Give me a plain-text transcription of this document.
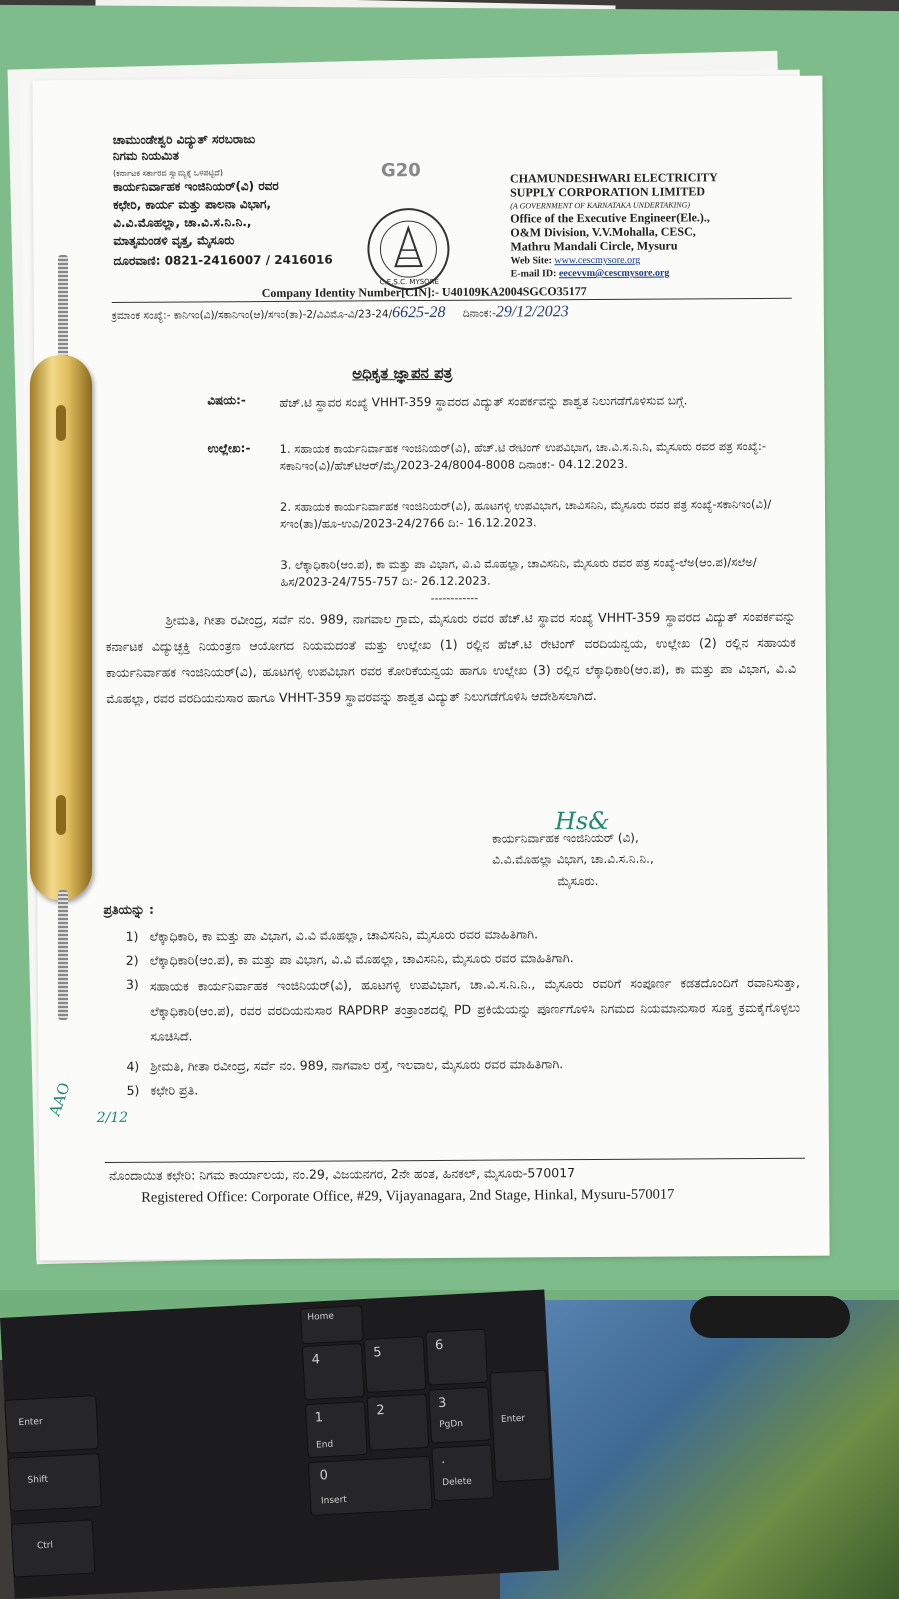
ಚಾಮುಂಡೇಶ್ವರಿ ವಿದ್ಯುತ್ ಸರಬರಾಜು
ನಿಗಮ ನಿಯಮಿತ
(ಕರ್ನಾಟಕ ಸರ್ಕಾರದ ಸ್ವಾಮ್ಯಕ್ಕೆ ಒಳಪಟ್ಟಿದೆ)
ಕಾರ್ಯನಿರ್ವಾಹಕ ಇಂಜಿನಿಯರ್(ವಿ) ರವರ
ಕಛೇರಿ, ಕಾರ್ಯ ಮತ್ತು ಪಾಲನಾ ವಿಭಾಗ,
ವಿ.ವಿ.ಮೊಹಲ್ಲಾ, ಚಾ.ವಿ.ಸ.ನಿ.ನಿ.,
ಮಾತೃಮಂಡಳಿ ವೃತ್ತ, ಮೈಸೂರು
ದೂರವಾಣಿ: 0821-2416007 / 2416016
G20
C.E.S.C. MYSORE
CHAMUNDESHWARI ELECTRICITY
SUPPLY CORPORATION LIMITED
(A GOVERNMENT OF KARNATAKA UNDERTAKING)
Office of the Executive Engineer(Ele.).,
O&M Division, V.V.Mohalla, CESC,
Mathru Mandali Circle, Mysuru
Web Site: www.cescmysore.org
E-mail ID: eecevvm@cescmysore.org
Company Identity Number[CIN]:- U40109KA2004SGCO35177
ಕ್ರಮಾಂಕ ಸಂಖ್ಯೆ:- ಕಾನಿಇಂ(ವಿ)/ಸಕಾನಿಇಂ(ಆ)/ಸಇಂ(ತಾ)-2/ವಿವಿಮೊ-ವಿ/23-24/6625-28 ದಿನಾಂಕ:-29/12/2023
ಅಧಿಕೃತ ಜ್ಞಾಪನ ಪತ್ರ
ವಿಷಯ:-	ಹೆಚ್.ಟಿ ಸ್ಥಾವರ ಸಂಖ್ಯೆ VHHT-359 ಸ್ಥಾವರದ ವಿದ್ಯುತ್ ಸಂಪರ್ಕವನ್ನು ಶಾಶ್ವತ ನಿಲುಗಡೆಗೊಳಿಸುವ ಬಗ್ಗೆ.
ಉಲ್ಲೇಖ:-	1. ಸಹಾಯಕ ಕಾರ್ಯನಿರ್ವಾಹಕ ಇಂಜಿನಿಯರ್(ವಿ), ಹೆಚ್.ಟಿ ರೇಟಿಂಗ್ ಉಪವಿಭಾಗ, ಚಾ.ವಿ.ಸ.ನಿ.ನಿ, ಮೈಸೂರು ರವರ ಪತ್ರ ಸಂಖ್ಯೆ:-ಸಕಾನಿಇಂ(ವಿ)/ಹೆಚ್‌ಟಿಆರ್/ಮೈ/2023-24/8004-8008 ದಿನಾಂಕ:- 04.12.2023.
2. ಸಹಾಯಕ ಕಾರ್ಯನಿರ್ವಾಹಕ ಇಂಜಿನಿಯರ್(ವಿ), ಹೂಟಗಳ್ಳಿ ಉಪವಿಭಾಗ, ಚಾವಿಸನಿನಿ, ಮೈಸೂರು ರವರ ಪತ್ರ ಸಂಖ್ಯೆ-ಸಕಾನಿಇಂ(ವಿ)/ಸಇಂ(ತಾ)/ಹೂ-ಉವಿ/2023-24/2766 ದಿ:- 16.12.2023.
3. ಲೆಕ್ಕಾಧಿಕಾರಿ(ಆಂ.ಪ), ಕಾ ಮತ್ತು ಪಾ ವಿಭಾಗ, ವಿ.ವಿ ಮೊಹಲ್ಲಾ, ಚಾವಿಸನಿನಿ, ಮೈಸೂರು ರವರ ಪತ್ರ ಸಂಖ್ಯೆ-ಲೆಅ(ಆಂ.ಪ)/ಸಲೆಅ/ಹಿಸ/2023-24/755-757 ದಿ:- 26.12.2023.
------------
ಶ್ರೀಮತಿ, ಗೀತಾ ರವೀಂದ್ರ, ಸರ್ವೆ ನಂ. 989, ನಾಗವಾಲ ಗ್ರಾಮ, ಮೈಸೂರು ರವರ ಹೆಚ್.ಟಿ ಸ್ಥಾವರ ಸಂಖ್ಯೆ VHHT-359 ಸ್ಥಾವರದ ವಿದ್ಯುತ್ ಸಂಪರ್ಕವನ್ನು ಕರ್ನಾಟಕ ವಿದ್ಯುಚ್ಛಕ್ತಿ ನಿಯಂತ್ರಣ ಆಯೋಗದ ನಿಯಮದಂತೆ ಮತ್ತು ಉಲ್ಲೇಖ (1) ರಲ್ಲಿನ ಹೆಚ್.ಟಿ ರೇಟಿಂಗ್ ವರದಿಯನ್ವಯ, ಉಲ್ಲೇಖ (2) ರಲ್ಲಿನ ಸಹಾಯಕ ಕಾರ್ಯನಿರ್ವಾಹಕ ಇಂಜಿನಿಯರ್(ವಿ), ಹೂಟಗಳ್ಳಿ ಉಪವಿಭಾಗ ರವರ ಕೋರಿಕೆಯನ್ವಯ ಹಾಗೂ ಉಲ್ಲೇಖ (3) ರಲ್ಲಿನ ಲೆಕ್ಕಾಧಿಕಾರಿ(ಆಂ.ಪ), ಕಾ ಮತ್ತು ಪಾ ವಿಭಾಗ, ವಿ.ವಿ ಮೊಹಲ್ಲಾ, ರವರ ವರದಿಯನುಸಾರ ಹಾಗೂ VHHT-359 ಸ್ಥಾವರವನ್ನು ಶಾಶ್ವತ ವಿದ್ಯುತ್ ನಿಲುಗಡೆಗೊಳಿಸಿ ಆದೇಶಿಸಲಾಗಿದೆ.
Hs&
ಕಾರ್ಯನಿರ್ವಾಹಕ ಇಂಜಿನಿಯರ್ (ವಿ),
ವಿ.ವಿ.ಮೊಹಲ್ಲಾ ವಿಭಾಗ, ಚಾ.ವಿ.ಸ.ನಿ.ನಿ.,
ಮೈಸೂರು.
ಪ್ರತಿಯನ್ನು :
1) ಲೆಕ್ಕಾಧಿಕಾರಿ, ಕಾ ಮತ್ತು ಪಾ ವಿಭಾಗ, ವಿ.ವಿ ಮೊಹಲ್ಲಾ, ಚಾವಿಸನಿನಿ, ಮೈಸೂರು ರವರ ಮಾಹಿತಿಗಾಗಿ.
2) ಲೆಕ್ಕಾಧಿಕಾರಿ(ಆಂ.ಪ), ಕಾ ಮತ್ತು ಪಾ ವಿಭಾಗ, ವಿ.ವಿ ಮೊಹಲ್ಲಾ, ಚಾವಿಸನಿನಿ, ಮೈಸೂರು ರವರ ಮಾಹಿತಿಗಾಗಿ.
3) ಸಹಾಯಕ ಕಾರ್ಯನಿರ್ವಾಹಕ ಇಂಜಿನಿಯರ್(ವಿ), ಹೂಟಗಳ್ಳಿ ಉಪವಿಭಾಗ, ಚಾ.ವಿ.ಸ.ನಿ.ನಿ., ಮೈಸೂರು ರವರಿಗೆ ಸಂಪೂರ್ಣ ಕಡತದೊಂದಿಗೆ ರವಾನಿಸುತ್ತಾ, ಲೆಕ್ಕಾಧಿಕಾರಿ(ಆಂ.ಪ), ರವರ ವರದಿಯನುಸಾರ RAPDRP ತಂತ್ರಾಂಶದಲ್ಲಿ PD ಪ್ರಕಿಯೆಯನ್ನು ಪೂರ್ಣಗೊಳಿಸಿ ನಿಗಮದ ನಿಯಮಾನುಸಾರ ಸೂಕ್ತ ಕ್ರಮಕೈಗೊಳ್ಳಲು ಸೂಚಿಸಿದೆ.
4) ಶ್ರೀಮತಿ, ಗೀತಾ ರವೀಂದ್ರ, ಸರ್ವೆ ನಂ. 989, ನಾಗವಾಲ ರಸ್ತೆ, ಇಲವಾಲ, ಮೈಸೂರು ರವರ ಮಾಹಿತಿಗಾಗಿ.
5) ಕಛೇರಿ ಪ್ರತಿ.
AAO 2/12
ನೊಂದಾಯಿತ ಕಛೇರಿ: ನಿಗಮ ಕಾರ್ಯಾಲಯ, ನಂ.29, ವಿಜಯನಗರ, 2ನೇ ಹಂತ, ಹಿನಕಲ್, ಮೈಸೂರು-570017
Registered Office: Corporate Office, #29, Vijayanagara, 2nd Stage, Hinkal, Mysuru-570017
Home
4	5	6
1
End
2	3
PgDn	Enter
0
Insert
.
Delete
Enter
Shift
Ctrl
